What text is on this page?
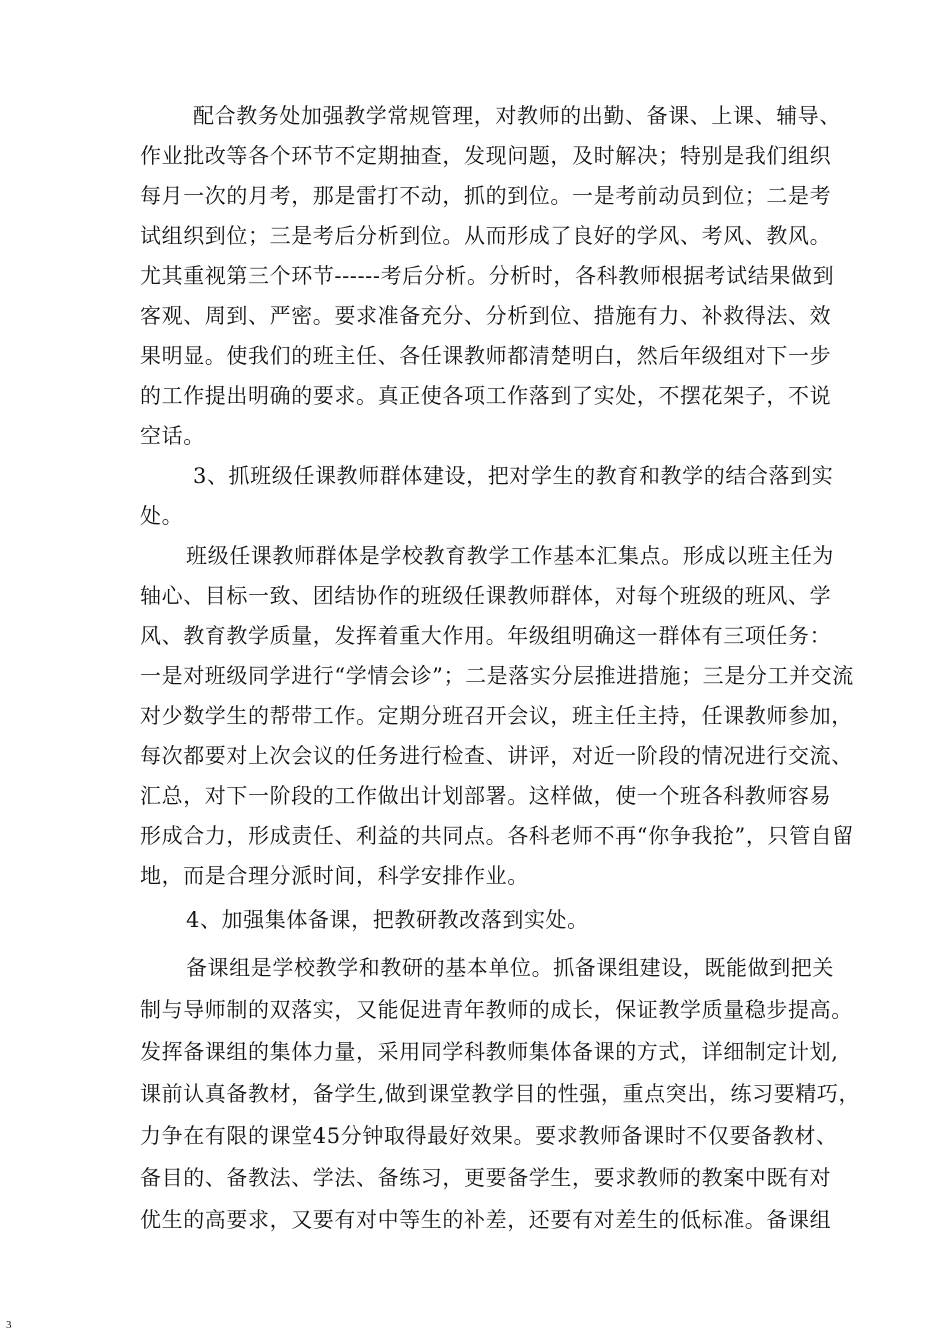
配合教务处加强教学常规管理，对教师的出勤、备课、上课、辅导、
作业批改等各个环节不定期抽查，发现问题，及时解决；特别是我们组织
每月一次的月考，那是雷打不动，抓的到位。一是考前动员到位；二是考
试组织到位；三是考后分析到位。从而形成了良好的学风、考风、教风。
尤其重视第三个环节------考后分析。分析时，各科教师根据考试结果做到
客观、周到、严密。要求准备充分、分析到位、措施有力、补救得法、效
果明显。使我们的班主任、各任课教师都清楚明白，然后年级组对下一步
的工作提出明确的要求。真正使各项工作落到了实处，不摆花架子，不说
空话。
3、抓班级任课教师群体建设，把对学生的教育和教学的结合落到实
处。
班级任课教师群体是学校教育教学工作基本汇集点。形成以班主任为
轴心、目标一致、团结协作的班级任课教师群体，对每个班级的班风、学
风、教育教学质量，发挥着重大作用。年级组明确这一群体有三项任务：
一是对班级同学进行“学情会诊”；二是落实分层推进措施；三是分工并交流
对少数学生的帮带工作。定期分班召开会议，班主任主持，任课教师参加，
每次都要对上次会议的任务进行检查、讲评，对近一阶段的情况进行交流、
汇总，对下一阶段的工作做出计划部署。这样做，使一个班各科教师容易
形成合力，形成责任、利益的共同点。各科老师不再“你争我抢”，只管自留
地，而是合理分派时间，科学安排作业。
4、加强集体备课，把教研教改落到实处。
备课组是学校教学和教研的基本单位。抓备课组建设，既能做到把关
制与导师制的双落实，又能促进青年教师的成长，保证教学质量稳步提高。
发挥备课组的集体力量，采用同学科教师集体备课的方式，详细制定计划,
课前认真备教材，备学生,做到课堂教学目的性强，重点突出，练习要精巧，
力争在有限的课堂45分钟取得最好效果。要求教师备课时不仅要备教材、
备目的、备教法、学法、备练习，更要备学生，要求教师的教案中既有对
优生的高要求，又要有对中等生的补差，还要有对差生的低标准。备课组
3
